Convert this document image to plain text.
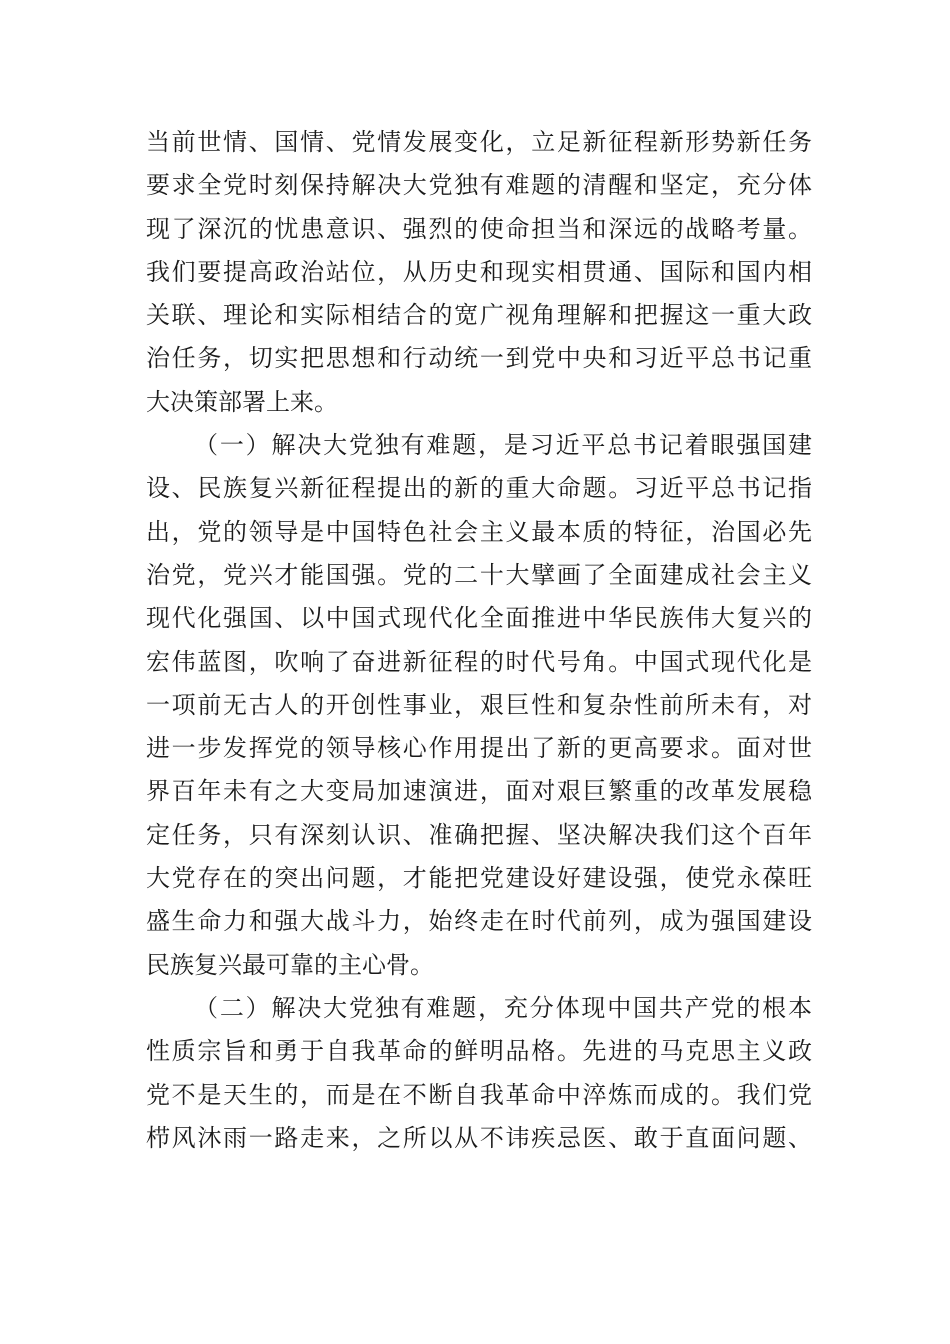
当前世情、国情、党情发展变化，立足新征程新形势新任务
要求全党时刻保持解决大党独有难题的清醒和坚定，充分体
现了深沉的忧患意识、强烈的使命担当和深远的战略考量。
我们要提高政治站位，从历史和现实相贯通、国际和国内相
关联、理论和实际相结合的宽广视角理解和把握这一重大政
治任务，切实把思想和行动统一到党中央和习近平总书记重
大决策部署上来。
（一）解决大党独有难题，是习近平总书记着眼强国建
设、民族复兴新征程提出的新的重大命题。习近平总书记指
出，党的领导是中国特色社会主义最本质的特征，治国必先
治党，党兴才能国强。党的二十大擘画了全面建成社会主义
现代化强国、以中国式现代化全面推进中华民族伟大复兴的
宏伟蓝图，吹响了奋进新征程的时代号角。中国式现代化是
一项前无古人的开创性事业，艰巨性和复杂性前所未有，对
进一步发挥党的领导核心作用提出了新的更高要求。面对世
界百年未有之大变局加速演进，面对艰巨繁重的改革发展稳
定任务，只有深刻认识、准确把握、坚决解决我们这个百年
大党存在的突出问题，才能把党建设好建设强，使党永葆旺
盛生命力和强大战斗力，始终走在时代前列，成为强国建设
民族复兴最可靠的主心骨。
（二）解决大党独有难题，充分体现中国共产党的根本
性质宗旨和勇于自我革命的鲜明品格。先进的马克思主义政
党不是天生的，而是在不断自我革命中淬炼而成的。我们党
栉风沐雨一路走来，之所以从不讳疾忌医、敢于直面问题、
